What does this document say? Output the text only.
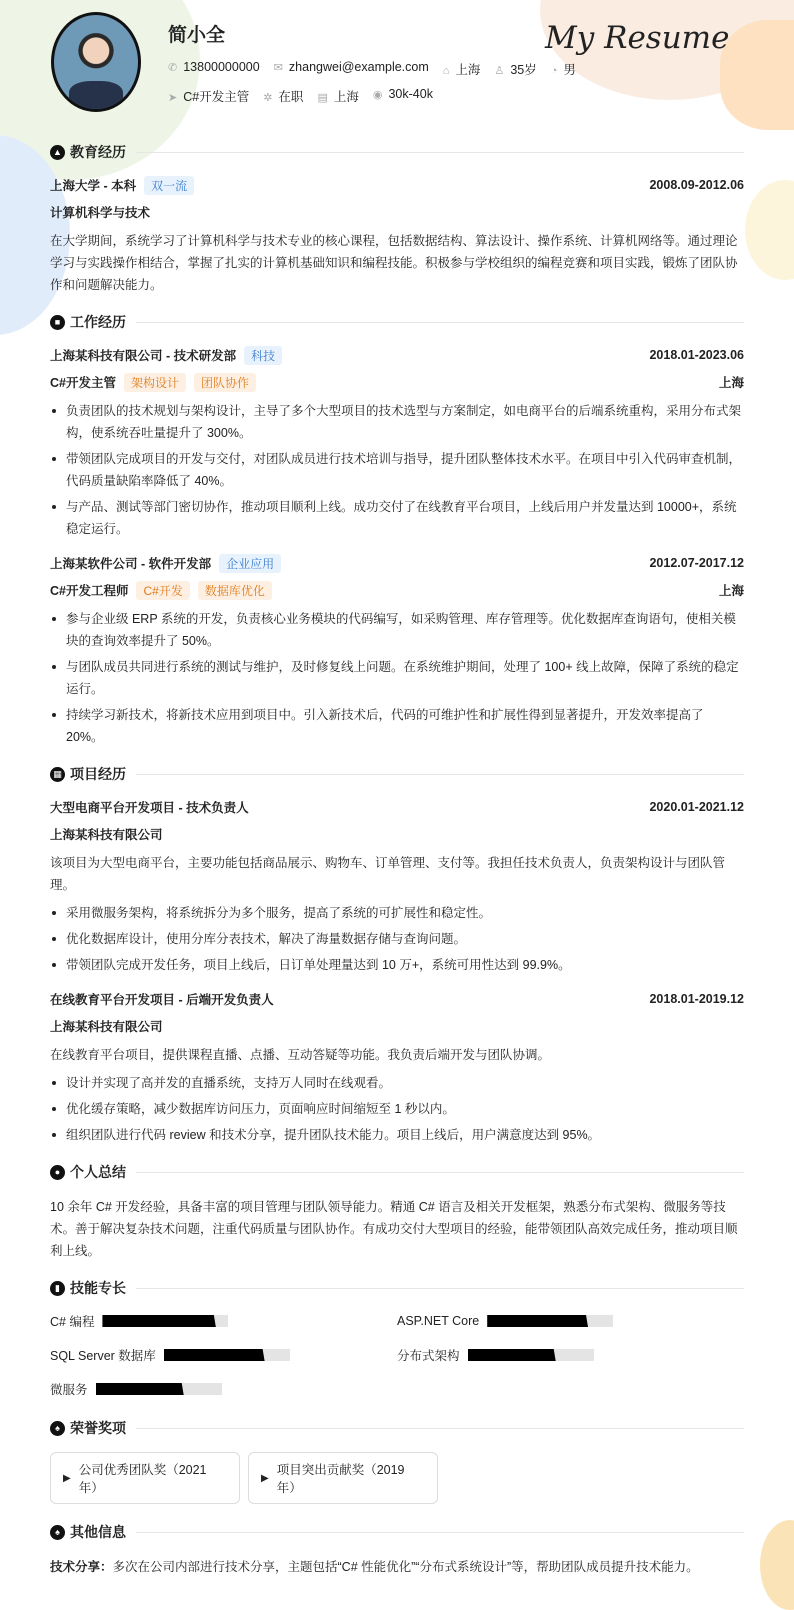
简小全	My Resume
✆ 13800000000 ✉ zhangwei@example.com ⌂ 上海 ♙ 35岁 ◔ 男
➤ C#开发主管 ✲ 在职 ▤ 上海 ◉ 30k-40k
▲ 教育经历
上海大学 - 本科	双一流	2008.09-2012.06
计算机科学与技术

在大学期间，系统学习了计算机科学与技术专业的核心课程，包括数据结构、算法设计、操作系统、计算机网络等。通过理论学习与实践操作相结合，掌握了扎实的计算机基础知识和编程技能。积极参与学校组织的编程竞赛和项目实践，锻炼了团队协作和问题解决能力。

■ 工作经历
上海某科技有限公司 - 技术研发部	科技	2018.01-2023.06
C#开发主管	架构设计	团队协作	上海
负责团队的技术规划与架构设计，主导了多个大型项目的技术选型与方案制定，如电商平台的后端系统重构，采用分布式架构，使系统吞吐量提升了 300%。
带领团队完成项目的开发与交付，对团队成员进行技术培训与指导，提升团队整体技术水平。在项目中引入代码审查机制，代码质量缺陷率降低了 40%。
与产品、测试等部门密切协作，推动项目顺利上线。成功交付了在线教育平台项目，上线后用户并发量达到 10000+，系统稳定运行。
上海某软件公司 - 软件开发部	企业应用	2012.07-2017.12
C#开发工程师	C#开发	数据库优化	上海
参与企业级 ERP 系统的开发，负责核心业务模块的代码编写，如采购管理、库存管理等。优化数据库查询语句，使相关模块的查询效率提升了 50%。
与团队成员共同进行系统的测试与维护，及时修复线上问题。在系统维护期间，处理了 100+ 线上故障，保障了系统的稳定运行。
持续学习新技术，将新技术应用到项目中。引入新技术后，代码的可维护性和扩展性得到显著提升，开发效率提高了 20%。
▦ 项目经历
大型电商平台开发项目 - 技术负责人	2020.01-2021.12
上海某科技有限公司

该项目为大型电商平台，主要功能包括商品展示、购物车、订单管理、支付等。我担任技术负责人，负责架构设计与团队管理。

采用微服务架构，将系统拆分为多个服务，提高了系统的可扩展性和稳定性。
优化数据库设计，使用分库分表技术，解决了海量数据存储与查询问题。
带领团队完成开发任务，项目上线后，日订单处理量达到 10 万+，系统可用性达到 99.9%。
在线教育平台开发项目 - 后端开发负责人	2018.01-2019.12
上海某科技有限公司

在线教育平台项目，提供课程直播、点播、互动答疑等功能。我负责后端开发与团队协调。

设计并实现了高并发的直播系统，支持万人同时在线观看。
优化缓存策略，减少数据库访问压力，页面响应时间缩短至 1 秒以内。
组织团队进行代码 review 和技术分享，提升团队技术能力。项目上线后，用户满意度达到 95%。
● 个人总结

10 余年 C# 开发经验，具备丰富的项目管理与团队领导能力。精通 C# 语言及相关开发框架，熟悉分布式架构、微服务等技术。善于解决复杂技术问题，注重代码质量与团队协作。有成功交付大型项目的经验，能带领团队高效完成任务，推动项目顺利上线。

▮ 技能专长
C# 编程	ASP.NET Core
SQL Server 数据库	分布式架构
微服务
♠ 荣誉奖项
▶
公司优秀团队奖（2021 年）
▶
项目突出贡献奖（2019 年）
♠ 其他信息

技术分享：多次在公司内部进行技术分享，主题包括“C# 性能优化”“分布式系统设计”等，帮助团队成员提升技术能力。
